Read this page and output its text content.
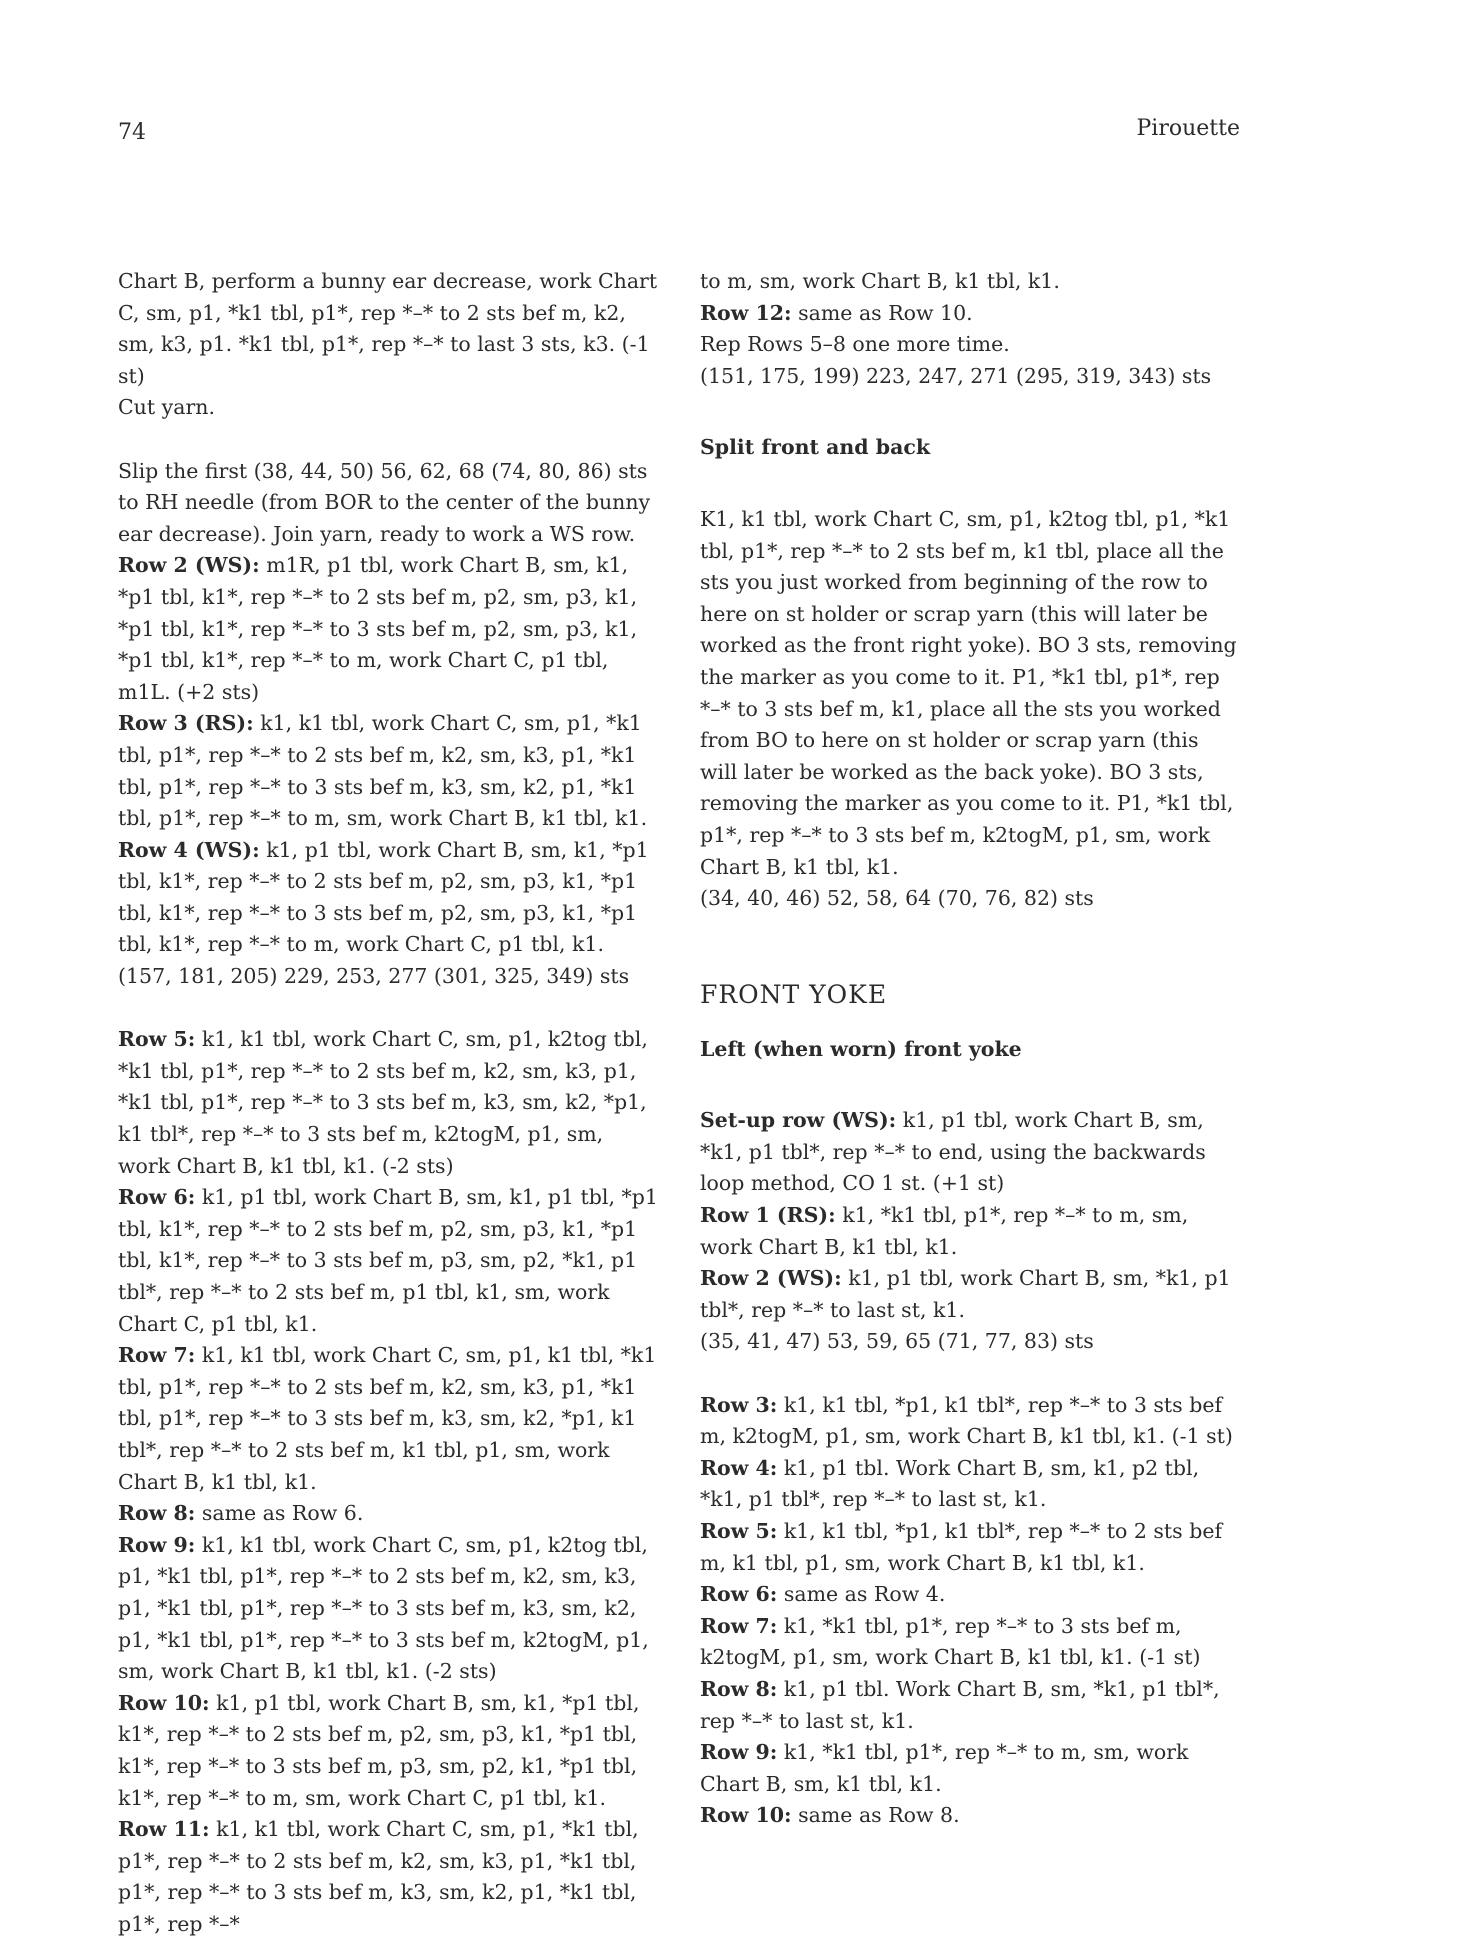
74	Pirouette

Chart B, perform a bunny ear decrease, work Chart C, sm, p1, *k1 tbl, p1*, rep *–* to 2 sts bef m, k2, sm, k3, p1. *k1 tbl, p1*, rep *–* to last 3 sts, k3. (-1 st)

Cut yarn.

Slip the first (38, 44, 50) 56, 62, 68 (74, 80, 86) sts to RH needle (from BOR to the center of the bunny ear decrease). Join yarn, ready to work a WS row.

Row 2 (WS): m1R, p1 tbl, work Chart B, sm, k1, *p1 tbl, k1*, rep *–* to 2 sts bef m, p2, sm, p3, k1, *p1 tbl, k1*, rep *–* to 3 sts bef m, p2, sm, p3, k1, *p1 tbl, k1*, rep *–* to m, work Chart C, p1 tbl, m1L. (+2 sts)

Row 3 (RS): k1, k1 tbl, work Chart C, sm, p1, *k1 tbl, p1*, rep *–* to 2 sts bef m, k2, sm, k3, p1, *k1 tbl, p1*, rep *–* to 3 sts bef m, k3, sm, k2, p1, *k1 tbl, p1*, rep *–* to m, sm, work Chart B, k1 tbl, k1.

Row 4 (WS): k1, p1 tbl, work Chart B, sm, k1, *p1 tbl, k1*, rep *–* to 2 sts bef m, p2, sm, p3, k1, *p1 tbl, k1*, rep *–* to 3 sts bef m, p2, sm, p3, k1, *p1 tbl, k1*, rep *–* to m, work Chart C, p1 tbl, k1.

(157, 181, 205) 229, 253, 277 (301, 325, 349) sts

Row 5: k1, k1 tbl, work Chart C, sm, p1, k2tog tbl, *k1 tbl, p1*, rep *–* to 2 sts bef m, k2, sm, k3, p1, *k1 tbl, p1*, rep *–* to 3 sts bef m, k3, sm, k2, *p1, k1 tbl*, rep *–* to 3 sts bef m, k2togM, p1, sm, work Chart B, k1 tbl, k1. (-2 sts)

Row 6: k1, p1 tbl, work Chart B, sm, k1, p1 tbl, *p1 tbl, k1*, rep *–* to 2 sts bef m, p2, sm, p3, k1, *p1 tbl, k1*, rep *–* to 3 sts bef m, p3, sm, p2, *k1, p1 tbl*, rep *–* to 2 sts bef m, p1 tbl, k1, sm, work Chart C, p1 tbl, k1.

Row 7: k1, k1 tbl, work Chart C, sm, p1, k1 tbl, *k1 tbl, p1*, rep *–* to 2 sts bef m, k2, sm, k3, p1, *k1 tbl, p1*, rep *–* to 3 sts bef m, k3, sm, k2, *p1, k1 tbl*, rep *–* to 2 sts bef m, k1 tbl, p1, sm, work Chart B, k1 tbl, k1.

Row 8: same as Row 6.

Row 9: k1, k1 tbl, work Chart C, sm, p1, k2tog tbl, p1, *k1 tbl, p1*, rep *–* to 2 sts bef m, k2, sm, k3, p1, *k1 tbl, p1*, rep *–* to 3 sts bef m, k3, sm, k2, p1, *k1 tbl, p1*, rep *–* to 3 sts bef m, k2togM, p1, sm, work Chart B, k1 tbl, k1. (-2 sts)

Row 10: k1, p1 tbl, work Chart B, sm, k1, *p1 tbl, k1*, rep *–* to 2 sts bef m, p2, sm, p3, k1, *p1 tbl, k1*, rep *–* to 3 sts bef m, p3, sm, p2, k1, *p1 tbl, k1*, rep *–* to m, sm, work Chart C, p1 tbl, k1.

Row 11: k1, k1 tbl, work Chart C, sm, p1, *k1 tbl, p1*, rep *–* to 2 sts bef m, k2, sm, k3, p1, *k1 tbl, p1*, rep *–* to 3 sts bef m, k3, sm, k2, p1, *k1 tbl, p1*, rep *–*

to m, sm, work Chart B, k1 tbl, k1.

Row 12: same as Row 10.

Rep Rows 5–8 one more time.

(151, 175, 199) 223, 247, 271 (295, 319, 343) sts

Split front and back

K1, k1 tbl, work Chart C, sm, p1, k2tog tbl, p1, *k1 tbl, p1*, rep *–* to 2 sts bef m, k1 tbl, place all the sts you just worked from beginning of the row to here on st holder or scrap yarn (this will later be worked as the front right yoke). BO 3 sts, removing the marker as you come to it. P1, *k1 tbl, p1*, rep *–* to 3 sts bef m, k1, place all the sts you worked from BO to here on st holder or scrap yarn (this will later be worked as the back yoke). BO 3 sts, removing the marker as you come to it. P1, *k1 tbl, p1*, rep *–* to 3 sts bef m, k2togM, p1, sm, work Chart B, k1 tbl, k1.

(34, 40, 46) 52, 58, 64 (70, 76, 82) sts

FRONT YOKE

Left (when worn) front yoke

Set-up row (WS): k1, p1 tbl, work Chart B, sm, *k1, p1 tbl*, rep *–* to end, using the backwards loop method, CO 1 st. (+1 st)

Row 1 (RS): k1, *k1 tbl, p1*, rep *–* to m, sm, work Chart B, k1 tbl, k1.

Row 2 (WS): k1, p1 tbl, work Chart B, sm, *k1, p1 tbl*, rep *–* to last st, k1.

(35, 41, 47) 53, 59, 65 (71, 77, 83) sts

Row 3: k1, k1 tbl, *p1, k1 tbl*, rep *–* to 3 sts bef m, k2togM, p1, sm, work Chart B, k1 tbl, k1. (-1 st)

Row 4: k1, p1 tbl. Work Chart B, sm, k1, p2 tbl, *k1, p1 tbl*, rep *–* to last st, k1.

Row 5: k1, k1 tbl, *p1, k1 tbl*, rep *–* to 2 sts bef m, k1 tbl, p1, sm, work Chart B, k1 tbl, k1.

Row 6: same as Row 4.

Row 7: k1, *k1 tbl, p1*, rep *–* to 3 sts bef m, k2togM, p1, sm, work Chart B, k1 tbl, k1. (-1 st)

Row 8: k1, p1 tbl. Work Chart B, sm, *k1, p1 tbl*, rep *–* to last st, k1.

Row 9: k1, *k1 tbl, p1*, rep *–* to m, sm, work Chart B, sm, k1 tbl, k1.

Row 10: same as Row 8.
